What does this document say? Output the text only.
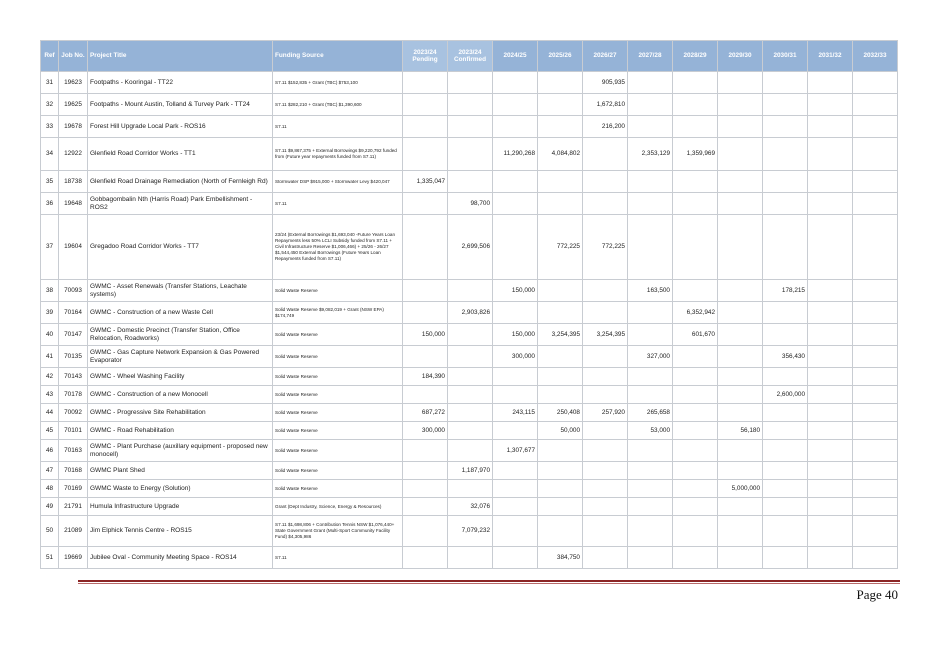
Ref	Job No.	Project Title	Funding Source	2023/24 Pending	2023/24 Confirmed	2024/25	2025/26	2026/27	2027/28	2028/29	2029/30	2030/31	2031/32	2032/33
31	19623	Footpaths - Kooringal - TT22	S7.11 $152,835 + Grant (TBC) $753,100					905,935						
32	19625	Footpaths - Mount Austin, Tolland & Turvey Park - TT24	S7.11 $282,210 + Grant (TBC) $1,390,600					1,672,810						
33	19678	Forest Hill Upgrade Local Park - ROS16	S7.11					216,200						
34	12922	Glenfield Road Corridor Works - TT1	S7.11 $9,867,375 + External Borrowings $9,220,792 funded from (Future year repayments funded from S7.11)			11,290,268	4,084,802		2,353,129	1,359,969				
35	18738	Glenfield Road Drainage Remediation (North of Fernleigh Rd)	Stormwater DSP $915,000 + Stormwater Levy $420,047	1,335,047										
36	19648	Gobbagombalin Nth (Harris Road) Park Embellishment - ROS2	S7.11		98,700									
37	19604	Gregadoo Road Corridor Works - TT7	23/24 (External Borrowings $1,693,040 -Future Years Loan Repayments less 50% LCLI Subsidy funded from S7.11 + Civil Infrastructure Reserve $1,006,466) + 25/26 - 26/27 $1,544,450 External Borrowings (Future Years Loan Repayments funded from S7.11)		2,699,506		772,225	772,225						
38	70093	GWMC - Asset Renewals (Transfer Stations, Leachate systems)	Solid Waste Reserve			150,000			163,500			178,215		
39	70164	GWMC - Construction of a new Waste Cell	Solid Waste Reserve $9,082,019 + Grant (NSW EPA) $174,749		2,903,826					6,352,942				
40	70147	GWMC - Domestic Precinct (Transfer Station, Office Relocation, Roadworks)	Solid Waste Reserve	150,000		150,000	3,254,395	3,254,395		601,670				
41	70135	GWMC - Gas Capture Network Expansion & Gas Powered Evaporator	Solid Waste Reserve			300,000			327,000			356,430		
42	70143	GWMC - Wheel Washing Facility	Solid Waste Reserve	184,390										
43	70178	GWMC - Construction of a new Monocell	Solid Waste Reserve									2,600,000		
44	70092	GWMC - Progressive Site Rehabilitation	Solid Waste Reserve	687,272		243,115	250,408	257,920	265,658					
45	70101	GWMC - Road Rehabilitation	Solid Waste Reserve	300,000			50,000		53,000		56,180			
46	70163	GWMC - Plant Purchase (auxillary equipment - proposed new monocell)	Solid Waste Reserve			1,307,677								
47	70168	GWMC Plant Shed	Solid Waste Reserve		1,187,970									
48	70169	GWMC Waste to Energy (Solution)	Solid Waste Reserve								5,000,000			
49	21791	Humula Infrastructure Upgrade	Grant (Dept Industry, Science, Energy & Resources)		32,076									
50	21089	Jim Elphick Tennis Centre - ROS15	S7.11 $1,698,806 + Contribution Tennis NSW $1,076,440+ State Government Grant (Multi-Sport Community Facility Fund) $4,305,986		7,079,232									
51	19669	Jubilee Oval - Community Meeting Space - ROS14	S7.11				384,750							
Page 40
